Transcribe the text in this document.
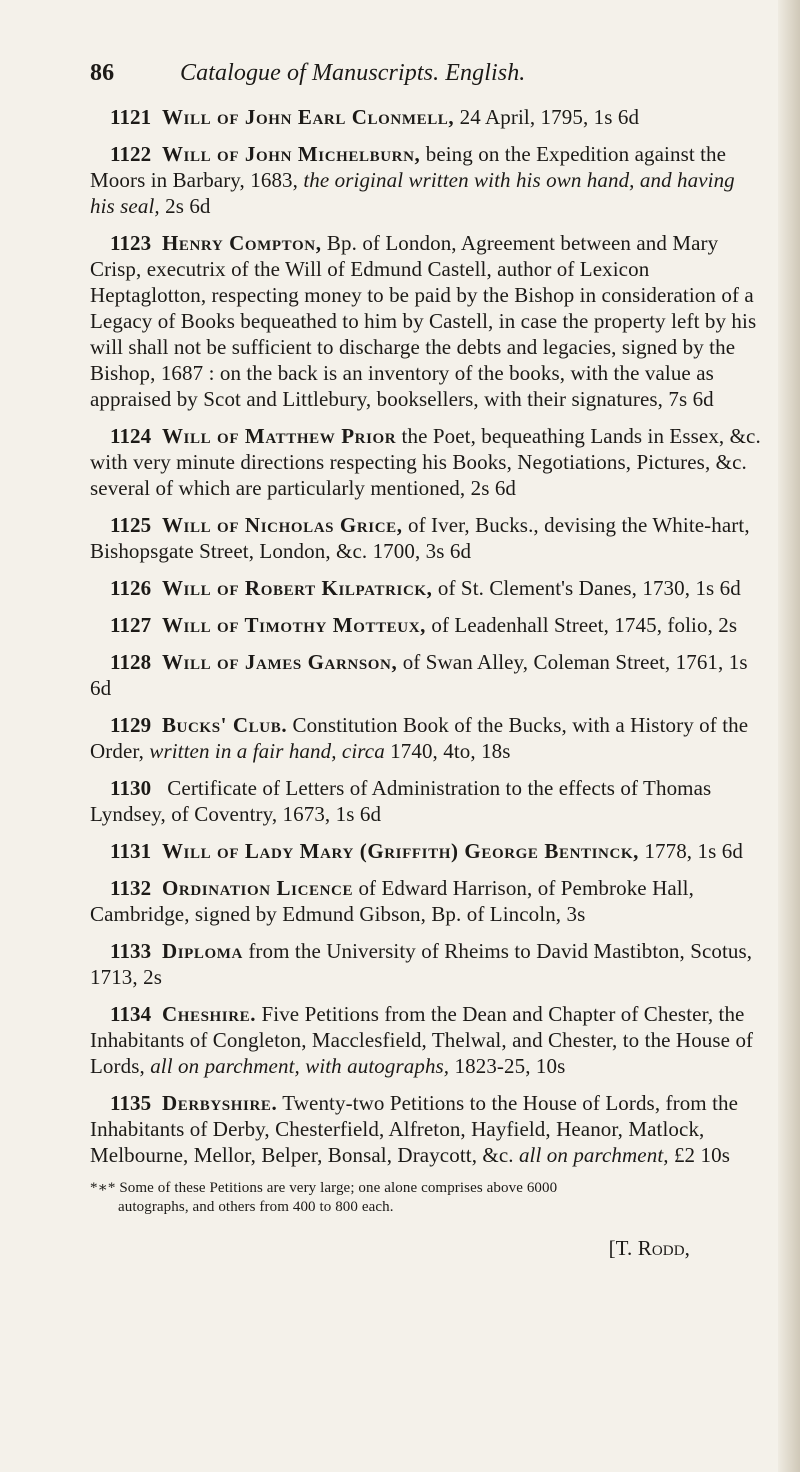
86	Catalogue of Manuscripts. English.
1121 Will of John Earl Clonmell, 24 April, 1795, 1s 6d
1122 Will of John Michelburn, being on the Expedition against the Moors in Barbary, 1683, the original written with his own hand, and having his seal, 2s 6d
1123 Henry Compton, Bp. of London, Agreement between and Mary Crisp, executrix of the Will of Edmund Castell, author of Lexicon Heptaglotton, respecting money to be paid by the Bishop in consideration of a Legacy of Books bequeathed to him by Castell, in case the property left by his will shall not be sufficient to discharge the debts and legacies, signed by the Bishop, 1687 : on the back is an inventory of the books, with the value as appraised by Scot and Littlebury, booksellers, with their signatures, 7s 6d
1124 Will of Matthew Prior the Poet, bequeathing Lands in Essex, &c. with very minute directions respecting his Books, Negotiations, Pictures, &c. several of which are particularly mentioned, 2s 6d
1125 Will of Nicholas Grice, of Iver, Bucks., devising the White-hart, Bishopsgate Street, London, &c. 1700, 3s 6d
1126 Will of Robert Kilpatrick, of St. Clement's Danes, 1730, 1s 6d
1127 Will of Timothy Motteux, of Leadenhall Street, 1745, folio, 2s
1128 Will of James Garnson, of Swan Alley, Coleman Street, 1761, 1s 6d
1129 Bucks' Club. Constitution Book of the Bucks, with a History of the Order, written in a fair hand, circa 1740, 4to, 18s
1130   Certificate of Letters of Administration to the effects of Thomas Lyndsey, of Coventry, 1673, 1s 6d
1131 Will of Lady Mary (Griffith) George Bentinck, 1778, 1s 6d
1132 Ordination Licence of Edward Harrison, of Pembroke Hall, Cambridge, signed by Edmund Gibson, Bp. of Lincoln, 3s
1133 Diploma from the University of Rheims to David Mastibton, Scotus, 1713, 2s
1134 Cheshire. Five Petitions from the Dean and Chapter of Chester, the Inhabitants of Congleton, Macclesfield, Thelwal, and Chester, to the House of Lords, all on parchment, with autographs, 1823-25, 10s
1135 Derbyshire. Twenty-two Petitions to the House of Lords, from the Inhabitants of Derby, Chesterfield, Alfreton, Hayfield, Heanor, Matlock, Melbourne, Mellor, Belper, Bonsal, Draycott, &c. all on parchment, £2 10s
*∗* Some of these Petitions are very large; one alone comprises above 6000
autographs, and others from 400 to 800 each.
[T. Rodd,
